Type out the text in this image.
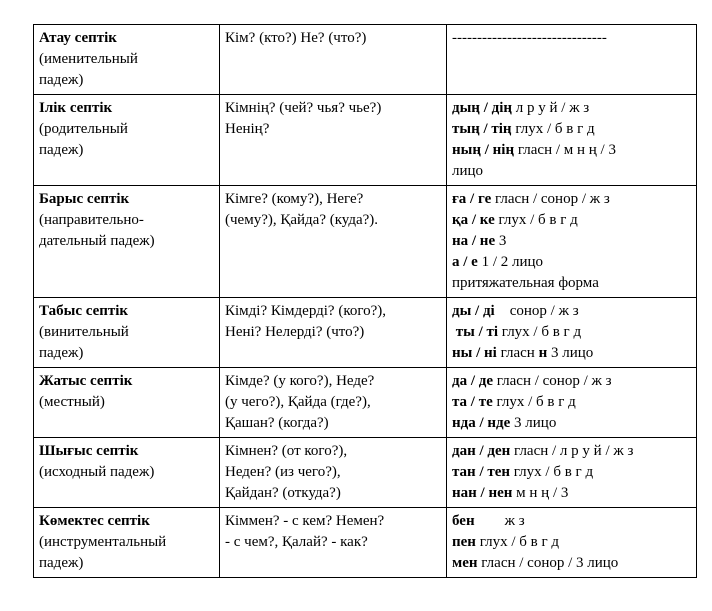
Атау септік
(именительный
падеж)	Кім? (кто?) Не? (что?)	-------------------------------

Ілік септік
(родительный
падеж)	Кімнің? (чей? чья? чье?)
Ненің?	дың / дің л р у й / ж з
тың / тің глух / б в г д
ның / нің гласн / м н ң / 3
лицо

Барыс септік
(направительно-
дательный падеж)	Кімге? (кому?), Неге?
(чему?), Қайда? (куда?).	ға / ге гласн / сонор / ж з
қа / ке глух / б в г д
на / не 3
а / е 1 / 2 лицо
притяжательная форма

Табыс септік
(винительный
падеж)	Кімді? Кімдерді? (кого?),
Нені? Нелерді? (что?)	ды / ді    сонор / ж з
ты / ті глух / б в г д
ны / ні гласн н 3 лицо

Жатыс септік
(местный)	Кімде? (у кого?), Неде?
(у чего?), Қайда (где?),
Қашан? (когда?)	да / де гласн / сонор / ж з
та / те глух / б в г д
нда / нде 3 лицо

Шығыс септік
(исходный падеж)	Кімнен? (от кого?),
Неден? (из чего?),
Қайдан? (откуда?)	дан / ден гласн / л р у й / ж з
тан / тен глух / б в г д
нан / нен м н ң / 3

Көмектес септік
(инструментальный
падеж)	Кіммен? - с кем? Немен?
- с чем?, Қалай? - как?	бен        ж з
пен глух / б в г д
мен гласн / сонор / 3 лицо
